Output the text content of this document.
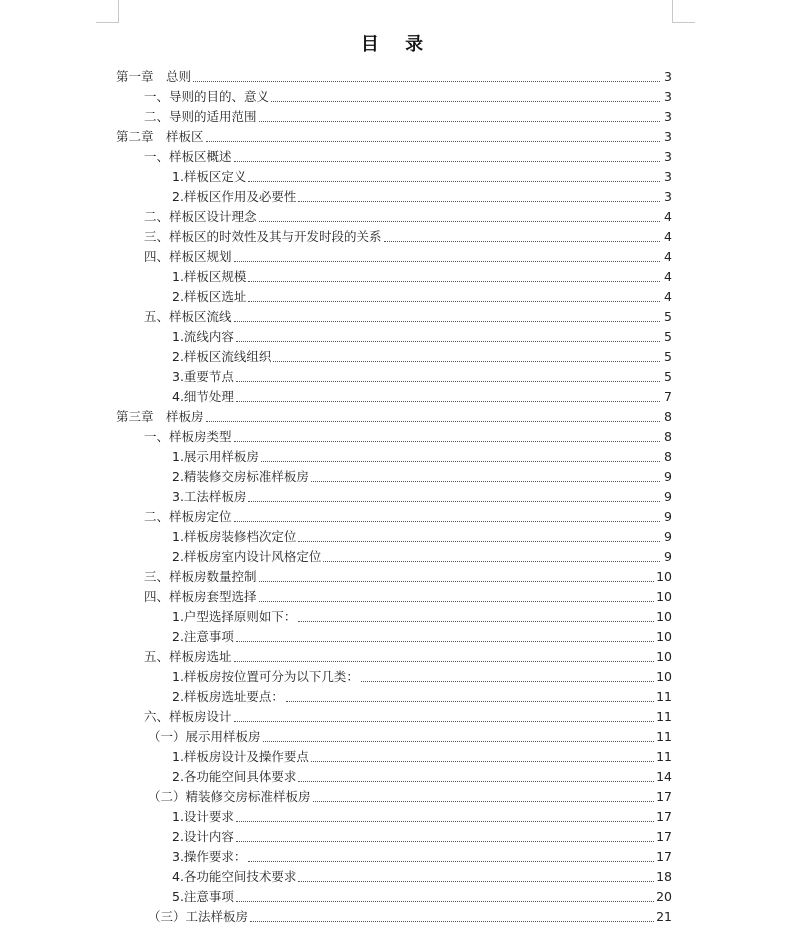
目 录
第一章　总则	3
一、导则的目的、意义	3
二、导则的适用范围	3
第二章　样板区	3
一、样板区概述	3
1.样板区定义	3
2.样板区作用及必要性	3
二、样板区设计理念	4
三、样板区的时效性及其与开发时段的关系	4
四、样板区规划	4
1.样板区规模	4
2.样板区选址	4
五、样板区流线	5
1.流线内容	5
2.样板区流线组织	5
3.重要节点	5
4.细节处理	7
第三章　样板房	8
一、样板房类型	8
1.展示用样板房	8
2.精装修交房标准样板房	9
3.工法样板房	9
二、样板房定位	9
1.样板房装修档次定位	9
2.样板房室内设计风格定位	9
三、样板房数量控制	10
四、样板房套型选择	10
1.户型选择原则如下：	10
2.注意事项	10
五、样板房选址	10
1.样板房按位置可分为以下几类：	10
2.样板房选址要点：	11
六、样板房设计	11
（一）展示用样板房	11
1.样板房设计及操作要点	11
2.各功能空间具体要求	14
（二）精装修交房标准样板房	17
1.设计要求	17
2.设计内容	17
3.操作要求：	17
4.各功能空间技术要求	18
5.注意事项	20
（三）工法样板房	21
